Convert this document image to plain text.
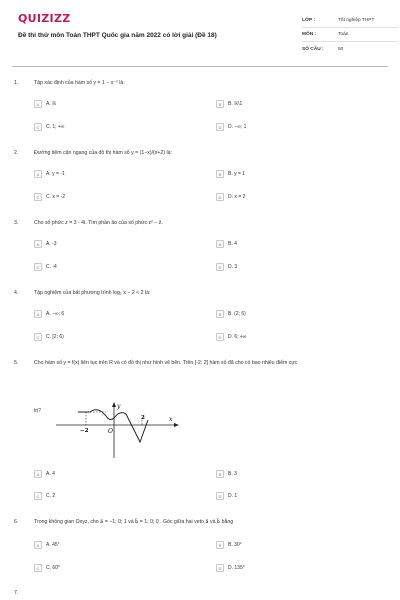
QUIZIZZ
Đề thi thử môn Toán THPT Quốc gia năm 2022 có lời giải (Đề 18)
LỚP :	Tốt nghiệp THPT
MÔN :	Toán
SỐ CÂU :	50
1.	Tập xác định của hàm số y = 1 − x⁻² là:
A	A. ℝ	B	B. ℝ\1
C	C. 1; +∞	D	D. −∞; 1
2.	Đường tiệm cận ngang của đồ thị hàm số y = (1−x)/(x+2) là:
A	A. y = -1	B	B. y = 1
C	C. x = -2	D	D. x = 2
3.	Cho số phức z = 3 - 4i. Tìm phần ảo của số phức z² − z̄.
A	A. -3	B	B. 4
C	C. -4	D	D. 3
4.	Tập nghiệm của bất phương trình log₂ x − 2 < 2 là:
A	A. −∞; 6	B	B. (2; 6)
C	C. [2; 6)	D	D. 6; +∞
5.	Cho hàm số y = f(x) liên tục trên R và có đồ thị như hình vẽ bên. Trên [-2; 2] hàm số đã cho có bao nhiêu điểm cực
trị?
y
x
O
−2
2
A	A. 4	B	B. 3
C	C. 2	D	D. 1
6.	Trong không gian Oxyz, cho a⃗ = −1; 0; 1 và b⃗ = 1; 0; 0 . Góc giữa hai veto a⃗ và b⃗ bằng
A	A. 45°	B	B. 30°
C	C. 60°	D	D. 135°
7.
